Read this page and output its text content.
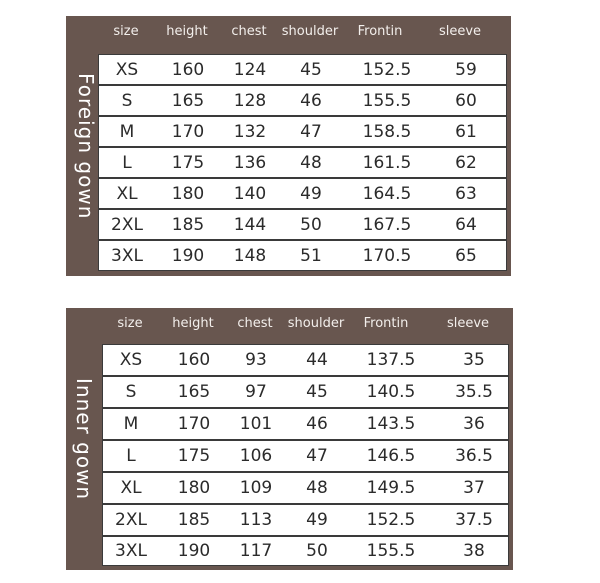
Foreign gown
size height chest shoulder Frontin	sleeve
XS 160 124 45 152.5	59
S 165 128 46 155.5	60
M 170 132 47 158.5	61
L 175 136 48 161.5	62
XL 180 140 49 164.5	63
2XL 185 144 50 167.5	64
3XL 190 148 51 170.5	65
Inner gown
size height chest shoulder Frontin	sleeve
XS 160 93 44 137.5	35
S 165 97 45 140.5 35.5
M 170 101 46 143.5	36
L 175 106 47 146.5 36.5
XL 180 109 48 149.5	37
2XL 185 113 49 152.5 37.5
3XL 190 117 50 155.5	38
